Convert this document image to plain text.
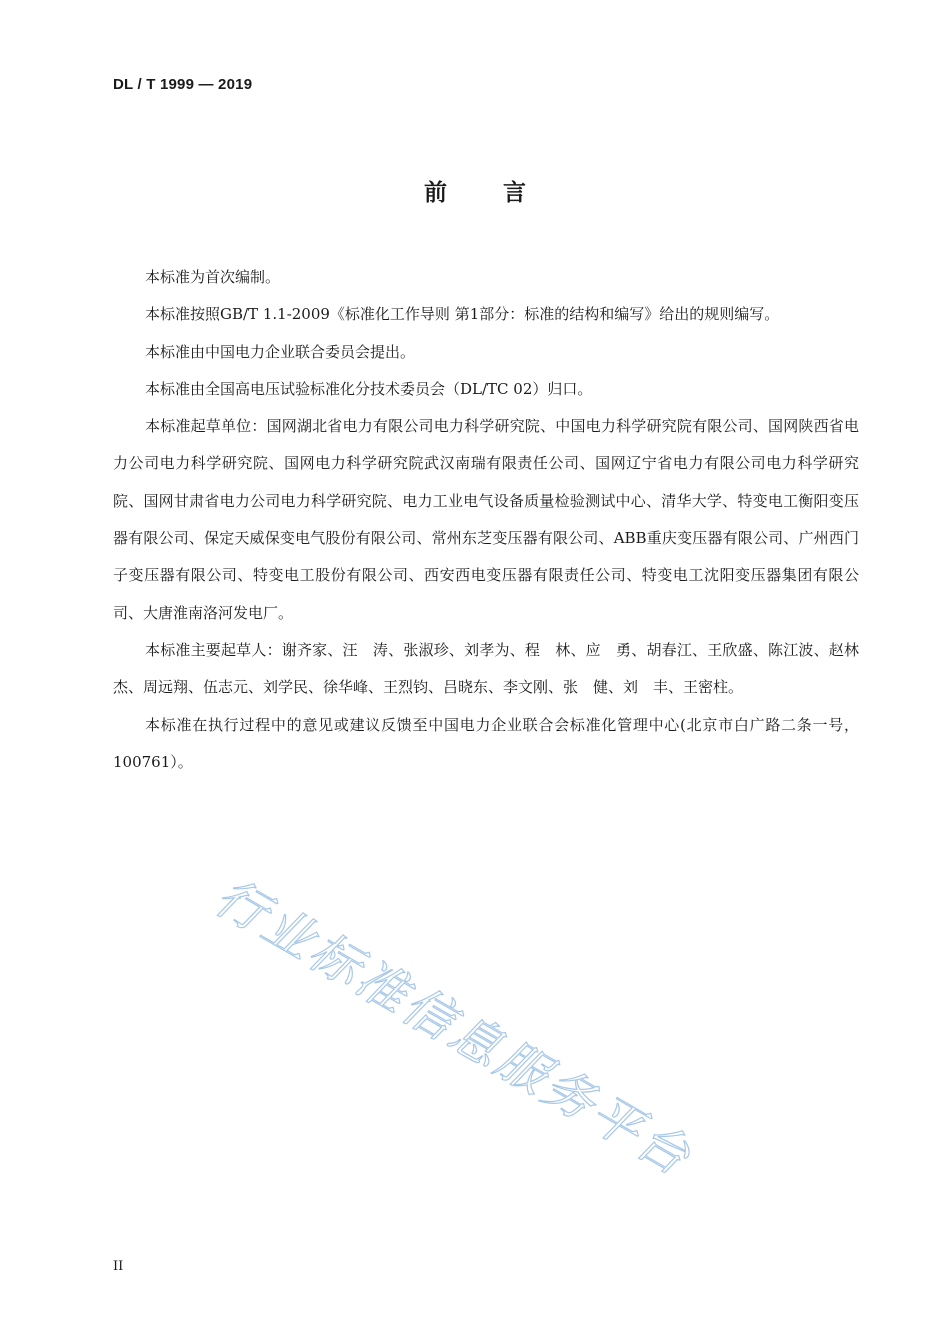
DL / T 1999 — 2019
前言

本标准为首次编制。

本标准按照GB/T 1.1-2009《标准化工作导则 第1部分：标准的结构和编写》给出的规则编写。

本标准由中国电力企业联合委员会提出。

本标准由全国高电压试验标准化分技术委员会（DL/TC 02）归口。

本标准起草单位：国网湖北省电力有限公司电力科学研究院、中国电力科学研究院有限公司、国网陕西省电力公司电力科学研究院、国网电力科学研究院武汉南瑞有限责任公司、国网辽宁省电力有限公司电力科学研究院、国网甘肃省电力公司电力科学研究院、电力工业电气设备质量检验测试中心、清华大学、特变电工衡阳变压器有限公司、保定天威保变电气股份有限公司、常州东芝变压器有限公司、ABB重庆变压器有限公司、广州西门子变压器有限公司、特变电工股份有限公司、西安西电变压器有限责任公司、特变电工沈阳变压器集团有限公司、大唐淮南洛河发电厂。

本标准主要起草人：谢齐家、汪　涛、张淑珍、刘孝为、程　林、应　勇、胡春江、王欣盛、陈江波、赵林杰、周远翔、伍志元、刘学民、徐华峰、王烈钧、吕晓东、李文刚、张　健、刘　丰、王密柱。

本标准在执行过程中的意见或建议反馈至中国电力企业联合会标准化管理中心(北京市白广路二条一号，100761）。

行业标准信息服务平台
II
